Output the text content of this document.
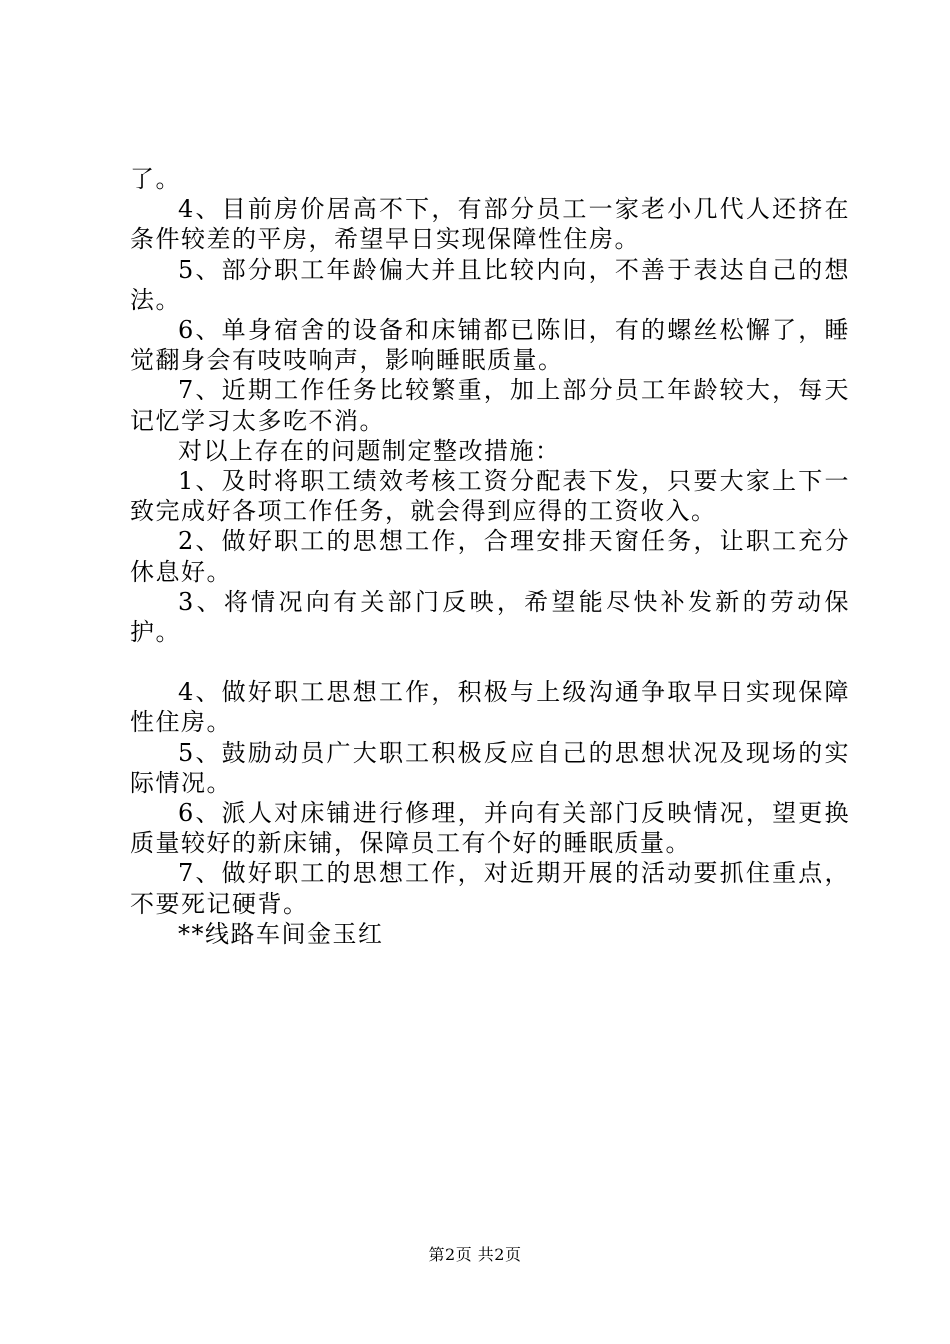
了。

4、目前房价居高不下，有部分员工一家老小几代人还挤在条件较差的平房，希望早日实现保障性住房。

5、部分职工年龄偏大并且比较内向，不善于表达自己的想法。

6、单身宿舍的设备和床铺都已陈旧，有的螺丝松懈了，睡觉翻身会有吱吱响声，影响睡眠质量。

7、近期工作任务比较繁重，加上部分员工年龄较大，每天记忆学习太多吃不消。

对以上存在的问题制定整改措施：

1、及时将职工绩效考核工资分配表下发，只要大家上下一致完成好各项工作任务，就会得到应得的工资收入。

2、做好职工的思想工作，合理安排天窗任务，让职工充分休息好。

3、将情况向有关部门反映，希望能尽快补发新的劳动保护。

4、做好职工思想工作，积极与上级沟通争取早日实现保障性住房。

5、鼓励动员广大职工积极反应自己的思想状况及现场的实际情况。

6、派人对床铺进行修理，并向有关部门反映情况，望更换质量较好的新床铺，保障员工有个好的睡眠质量。

7、做好职工的思想工作，对近期开展的活动要抓住重点，不要死记硬背。

**线路车间金玉红

第2页 共2页
